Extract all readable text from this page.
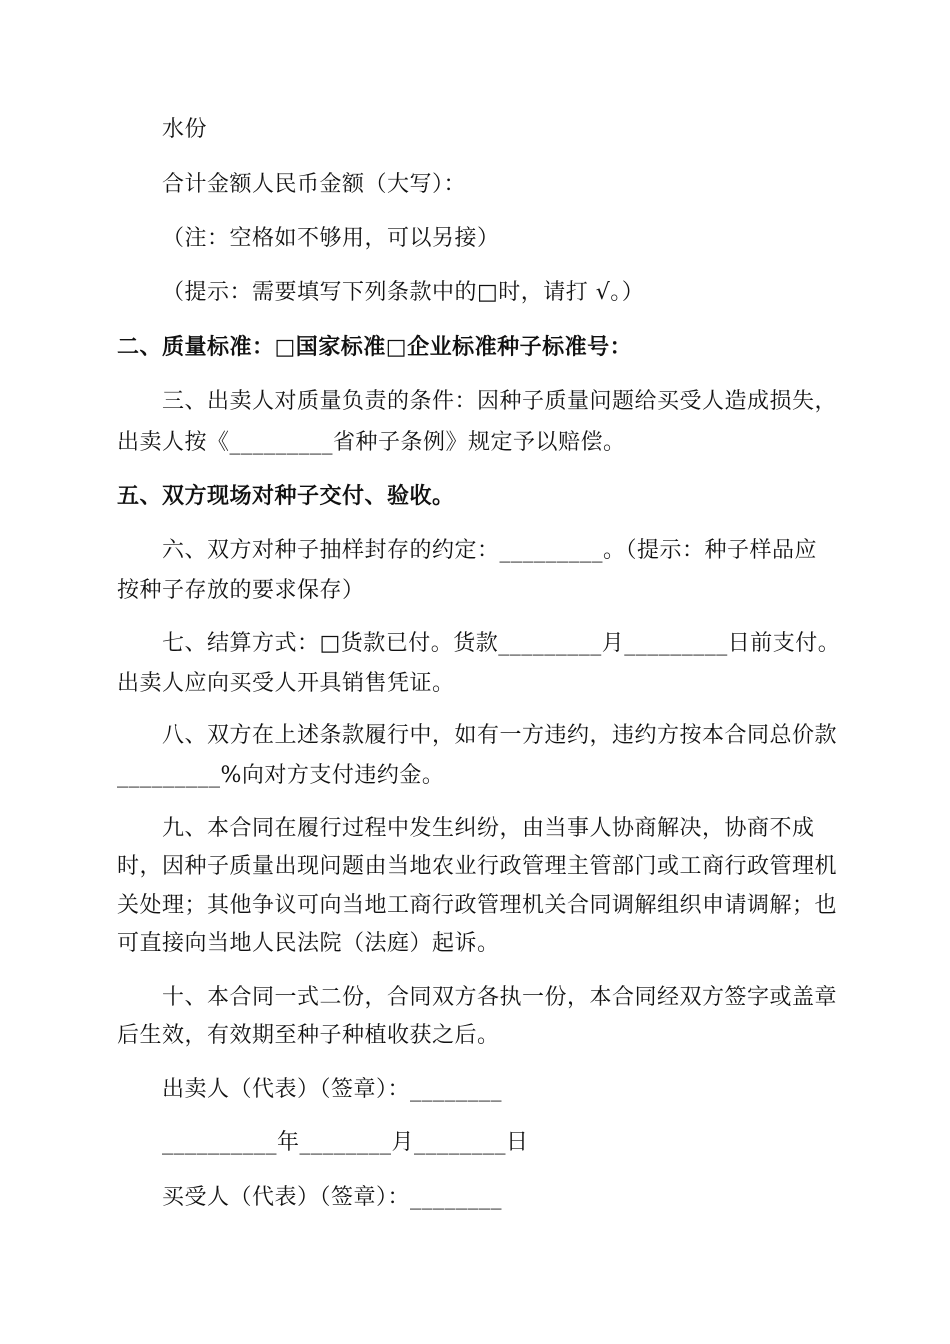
水份
合计金额人民币金额（大写）：
（注：空格如不够用，可以另接）
（提示：需要填写下列条款中的□时，请打 √。）
二、质量标准：□国家标准□企业标准种子标准号：
三、出卖人对质量负责的条件：因种子质量问题给买受人造成损失，
出卖人按《_________省种子条例》规定予以赔偿。
五、双方现场对种子交付、验收。
六、双方对种子抽样封存的约定：_________。（提示：种子样品应
按种子存放的要求保存）
七、结算方式：□货款已付。货款_________月_________日前支付。
出卖人应向买受人开具销售凭证。
八、双方在上述条款履行中，如有一方违约，违约方按本合同总价款
_________%向对方支付违约金。
九、本合同在履行过程中发生纠纷，由当事人协商解决，协商不成
时，因种子质量出现问题由当地农业行政管理主管部门或工商行政管理机
关处理；其他争议可向当地工商行政管理机关合同调解组织申请调解；也
可直接向当地人民法院（法庭）起诉。
十、本合同一式二份，合同双方各执一份，本合同经双方签字或盖章
后生效，有效期至种子种植收获之后。
出卖人（代表）（签章）：________
__________年________月________日
买受人（代表）（签章）：________
